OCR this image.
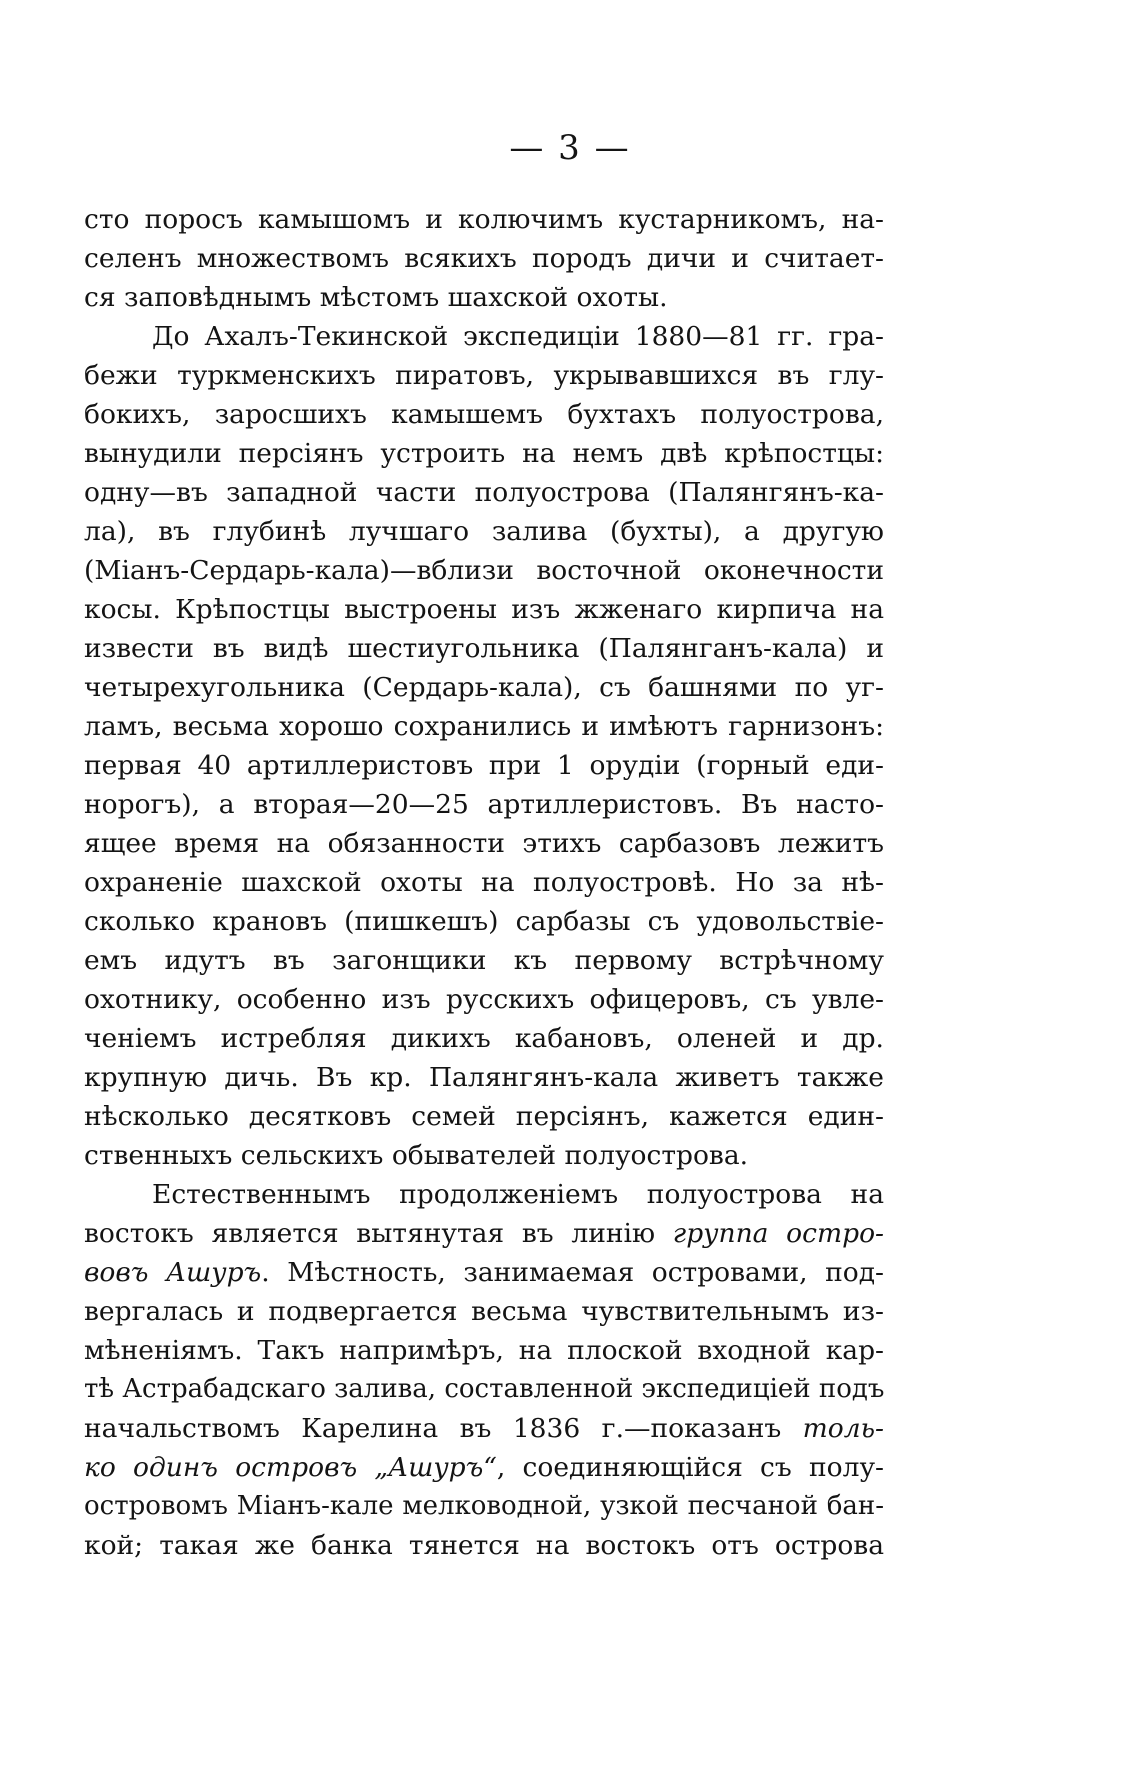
— 3 —
сто поросъ камышомъ и колючимъ кустарникомъ, на-
селенъ множествомъ всякихъ породъ дичи и считает-
ся заповѣднымъ мѣстомъ шахской охоты.
До Ахалъ-Текинской экспедиціи 1880—81 гг. гра-
бежи туркменскихъ пиратовъ, укрывавшихся въ глу-
бокихъ, заросшихъ камышемъ бухтахъ полуострова,
вынудили персіянъ устроить на немъ двѣ крѣпостцы:
одну—въ западной части полуострова (Палянгянъ-ка-
ла), въ глубинѣ лучшаго залива (бухты), а другую
(Міанъ-Сердарь-кала)—вблизи восточной оконечности
косы. Крѣпостцы выстроены изъ жженаго кирпича на
извести въ видѣ шестиугольника (Палянганъ-кала) и
четырехугольника (Сердарь-кала), съ башнями по уг-
ламъ, весьма хорошо сохранились и имѣютъ гарнизонъ:
первая 40 артиллеристовъ при 1 орудіи (горный еди-
норогъ), а вторая—20—25 артиллеристовъ. Въ насто-
ящее время на обязанности этихъ сарбазовъ лежитъ
охраненіе шахской охоты на полуостровѣ. Но за нѣ-
сколько крановъ (пишкешъ) сарбазы съ удовольствіе-
емъ идутъ въ загонщики къ первому встрѣчному
охотнику, особенно изъ русскихъ офицеровъ, съ увле-
ченіемъ истребляя дикихъ кабановъ, оленей и др.
крупную дичь. Въ кр. Палянгянъ-кала живетъ также
нѣсколько десятковъ семей персіянъ, кажется един-
ственныхъ сельскихъ обывателей полуострова.
Естественнымъ продолженіемъ полуострова на
востокъ является вытянутая въ линію группа остро-
вовъ Ашуръ. Мѣстность, занимаемая островами, под-
вергалась и подвергается весьма чувствительнымъ из-
мѣненіямъ. Такъ напримѣръ, на плоской входной кар-
тѣ Астрабадскаго залива, составленной экспедиціей подъ
начальствомъ Карелина въ 1836 г.—показанъ толь-
ко одинъ островъ „Ашуръ“, соединяющійся съ полу-
островомъ Міанъ-кале мелководной, узкой песчаной бан-
кой; такая же банка тянется на востокъ отъ острова
